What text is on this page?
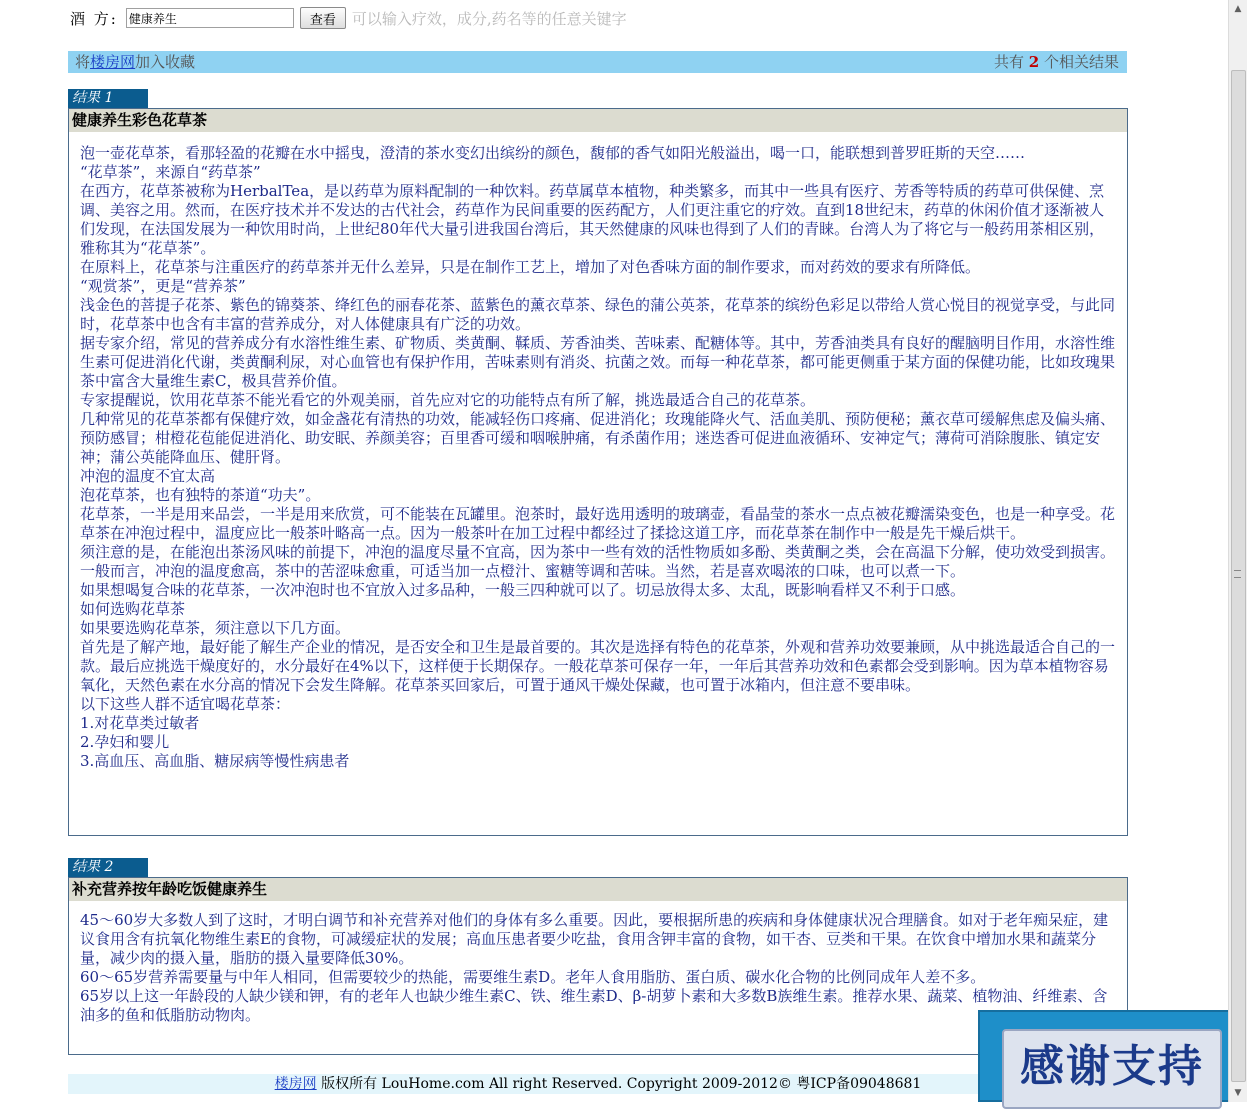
酒 方:
健康养生	查看	可以输入疗效，成分,药名等的任意关键字
将楼房网加入收藏	共有 2 个相关结果
结果 1
健康养生彩色花草茶

泡一壶花草茶，看那轻盈的花瓣在水中摇曳，澄清的茶水变幻出缤纷的颜色，馥郁的香气如阳光般溢出，喝一口，能联想到普罗旺斯的天空……

“花草茶”，来源自“药草茶”

在西方，花草茶被称为HerbalTea，是以药草为原料配制的一种饮料。药草属草本植物，种类繁多，而其中一些具有医疗、芳香等特质的药草可供保健、烹调、美容之用。然而，在医疗技术并不发达的古代社会，药草作为民间重要的医药配方，人们更注重它的疗效。直到18世纪末，药草的休闲价值才逐渐被人们发现，在法国发展为一种饮用时尚，上世纪80年代大量引进我国台湾后，其天然健康的风味也得到了人们的青睐。台湾人为了将它与一般药用茶相区别，雅称其为“花草茶”。

在原料上，花草茶与注重医疗的药草茶并无什么差异，只是在制作工艺上，增加了对色香味方面的制作要求，而对药效的要求有所降低。

“观赏茶”，更是“营养茶”

浅金色的菩提子花茶、紫色的锦葵茶、绛红色的丽春花茶、蓝紫色的薰衣草茶、绿色的蒲公英茶，花草茶的缤纷色彩足以带给人赏心悦目的视觉享受，与此同时，花草茶中也含有丰富的营养成分，对人体健康具有广泛的功效。

据专家介绍，常见的营养成分有水溶性维生素、矿物质、类黄酮、鞣质、芳香油类、苦味素、配糖体等。其中，芳香油类具有良好的醒脑明目作用，水溶性维生素可促进消化代谢，类黄酮利尿，对心血管也有保护作用，苦味素则有消炎、抗菌之效。而每一种花草茶，都可能更侧重于某方面的保健功能，比如玫瑰果茶中富含大量维生素C，极具营养价值。

专家提醒说，饮用花草茶不能光看它的外观美丽，首先应对它的功能特点有所了解，挑选最适合自己的花草茶。

几种常见的花草茶都有保健疗效，如金盏花有清热的功效，能减轻伤口疼痛、促进消化；玫瑰能降火气、活血美肌、预防便秘；薰衣草可缓解焦虑及偏头痛、预防感冒；柑橙花苞能促进消化、助安眠、养颜美容；百里香可缓和咽喉肿痛，有杀菌作用；迷迭香可促进血液循环、安神定气；薄荷可消除腹胀、镇定安神；蒲公英能降血压、健肝肾。

冲泡的温度不宜太高

泡花草茶，也有独特的茶道“功夫”。

花草茶，一半是用来品尝，一半是用来欣赏，可不能装在瓦罐里。泡茶时，最好选用透明的玻璃壶，看晶莹的茶水一点点被花瓣濡染变色，也是一种享受。花草茶在冲泡过程中，温度应比一般茶叶略高一点。因为一般茶叶在加工过程中都经过了揉捻这道工序，而花草茶在制作中一般是先干燥后烘干。

须注意的是，在能泡出茶汤风味的前提下，冲泡的温度尽量不宜高，因为茶中一些有效的活性物质如多酚、类黄酮之类，会在高温下分解，使功效受到损害。一般而言，冲泡的温度愈高，茶中的苦涩味愈重，可适当加一点橙汁、蜜糖等调和苦味。当然，若是喜欢喝浓的口味，也可以煮一下。

如果想喝复合味的花草茶，一次冲泡时也不宜放入过多品种，一般三四种就可以了。切忌放得太多、太乱，既影响看样又不利于口感。

如何选购花草茶

如果要选购花草茶，须注意以下几方面。

首先是了解产地，最好能了解生产企业的情况，是否安全和卫生是最首要的。其次是选择有特色的花草茶，外观和营养功效要兼顾，从中挑选最适合自己的一款。最后应挑选干燥度好的，水分最好在4%以下，这样便于长期保存。一般花草茶可保存一年，一年后其营养功效和色素都会受到影响。因为草本植物容易氧化，天然色素在水分高的情况下会发生降解。花草茶买回家后，可置于通风干燥处保藏，也可置于冰箱内，但注意不要串味。

以下这些人群不适宜喝花草茶：

1.对花草类过敏者

2.孕妇和婴儿

3.高血压、高血脂、糖尿病等慢性病患者

结果 2
补充营养按年龄吃饭健康养生

45～60岁大多数人到了这时，才明白调节和补充营养对他们的身体有多么重要。因此，要根据所患的疾病和身体健康状况合理膳食。如对于老年痴呆症，建议食用含有抗氧化物维生素E的食物，可减缓症状的发展；高血压患者要少吃盐，食用含钾丰富的食物，如干杏、豆类和干果。在饮食中增加水果和蔬菜分量，减少肉的摄入量，脂肪的摄入量要降低30%。

60～65岁营养需要量与中年人相同，但需要较少的热能，需要维生素D。老年人食用脂肪、蛋白质、碳水化合物的比例同成年人差不多。

65岁以上这一年龄段的人缺少镁和钾，有的老年人也缺少维生素C、铁、维生素D、β-胡萝卜素和大多数B族维生素。推荐水果、蔬菜、植物油、纤维素、含油多的鱼和低脂肪动物肉。

楼房网 版权所有 LouHome.com All right Reserved. Copyright 2009-2012© 粤ICP备09048681	感谢支持
▲
▼
